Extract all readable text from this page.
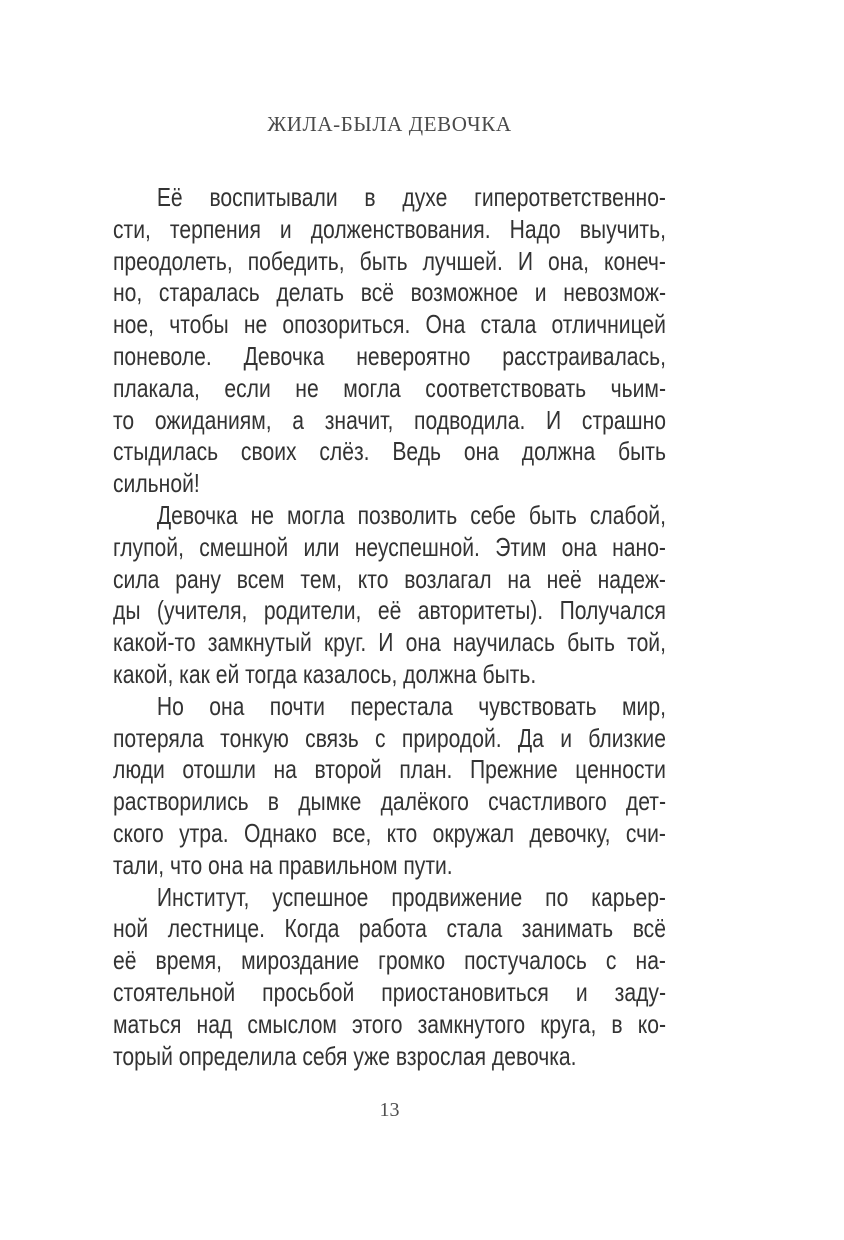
ЖИЛА-БЫЛА ДЕВОЧКА
Её воспитывали в духе гиперответственно-
сти, терпения и долженствования. Надо выучить,
преодолеть, победить, быть лучшей. И она, конеч-
но, старалась делать всё возможное и невозмож-
ное, чтобы не опозориться. Она стала отличницей
поневоле. Девочка невероятно расстраивалась,
плакала, если не могла соответствовать чьим-
то ожиданиям, а значит, подводила. И страшно
стыдилась своих слёз. Ведь она должна быть
сильной!
Девочка не могла позволить себе быть слабой,
глупой, смешной или неуспешной. Этим она нано-
сила рану всем тем, кто возлагал на неё надеж-
ды (учителя, родители, её авторитеты). Получался
какой-то замкнутый круг. И она научилась быть той,
какой, как ей тогда казалось, должна быть.
Но она почти перестала чувствовать мир,
потеряла тонкую связь с природой. Да и близкие
люди отошли на второй план. Прежние ценности
растворились в дымке далёкого счастливого дет-
ского утра. Однако все, кто окружал девочку, счи-
тали, что она на правильном пути.
Институт, успешное продвижение по карьер-
ной лестнице. Когда работа стала занимать всё
её время, мироздание громко постучалось с на-
стоятельной просьбой приостановиться и заду-
маться над смыслом этого замкнутого круга, в ко-
торый определила себя уже взрослая девочка.
13
